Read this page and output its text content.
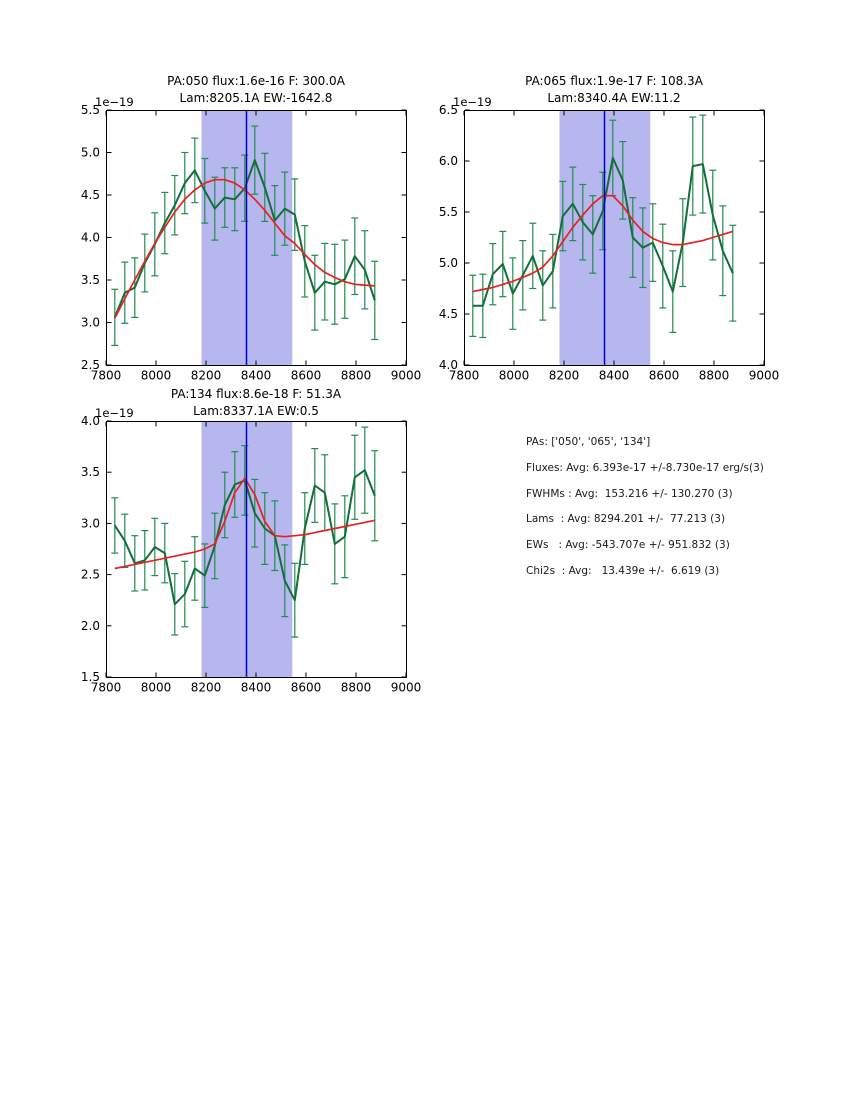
7800 8000 8200 8400 8600 8800 9000
2.5
3.0
3.5
4.0
4.5
5.0
5.5
1e−19
7800 8000 8200 8400 8600 8800 9000
4.0
4.5
5.0
5.5
6.0
6.5
1e−19
7800 8000 8200 8400 8600 8800 9000
1.5
2.0
2.5
3.0
3.5
4.0
1e−19
PA:050 flux:1.6e-16 F: 300.0A
Lam:8205.1A EW:-1642.8
PA:065 flux:1.9e-17 F: 108.3A
Lam:8340.4A EW:11.2
PA:134 flux:8.6e-18 F: 51.3A
Lam:8337.1A EW:0.5
PAs: ['050', '065', '134']
Fluxes: Avg: 6.393e-17 +/-8.730e-17 erg/s(3)
FWHMs : Avg:  153.216 +/- 130.270 (3)
Lams  : Avg: 8294.201 +/-  77.213 (3)
EWs   : Avg: -543.707e +/- 951.832 (3)
Chi2s  : Avg:   13.439e +/-  6.619 (3)
